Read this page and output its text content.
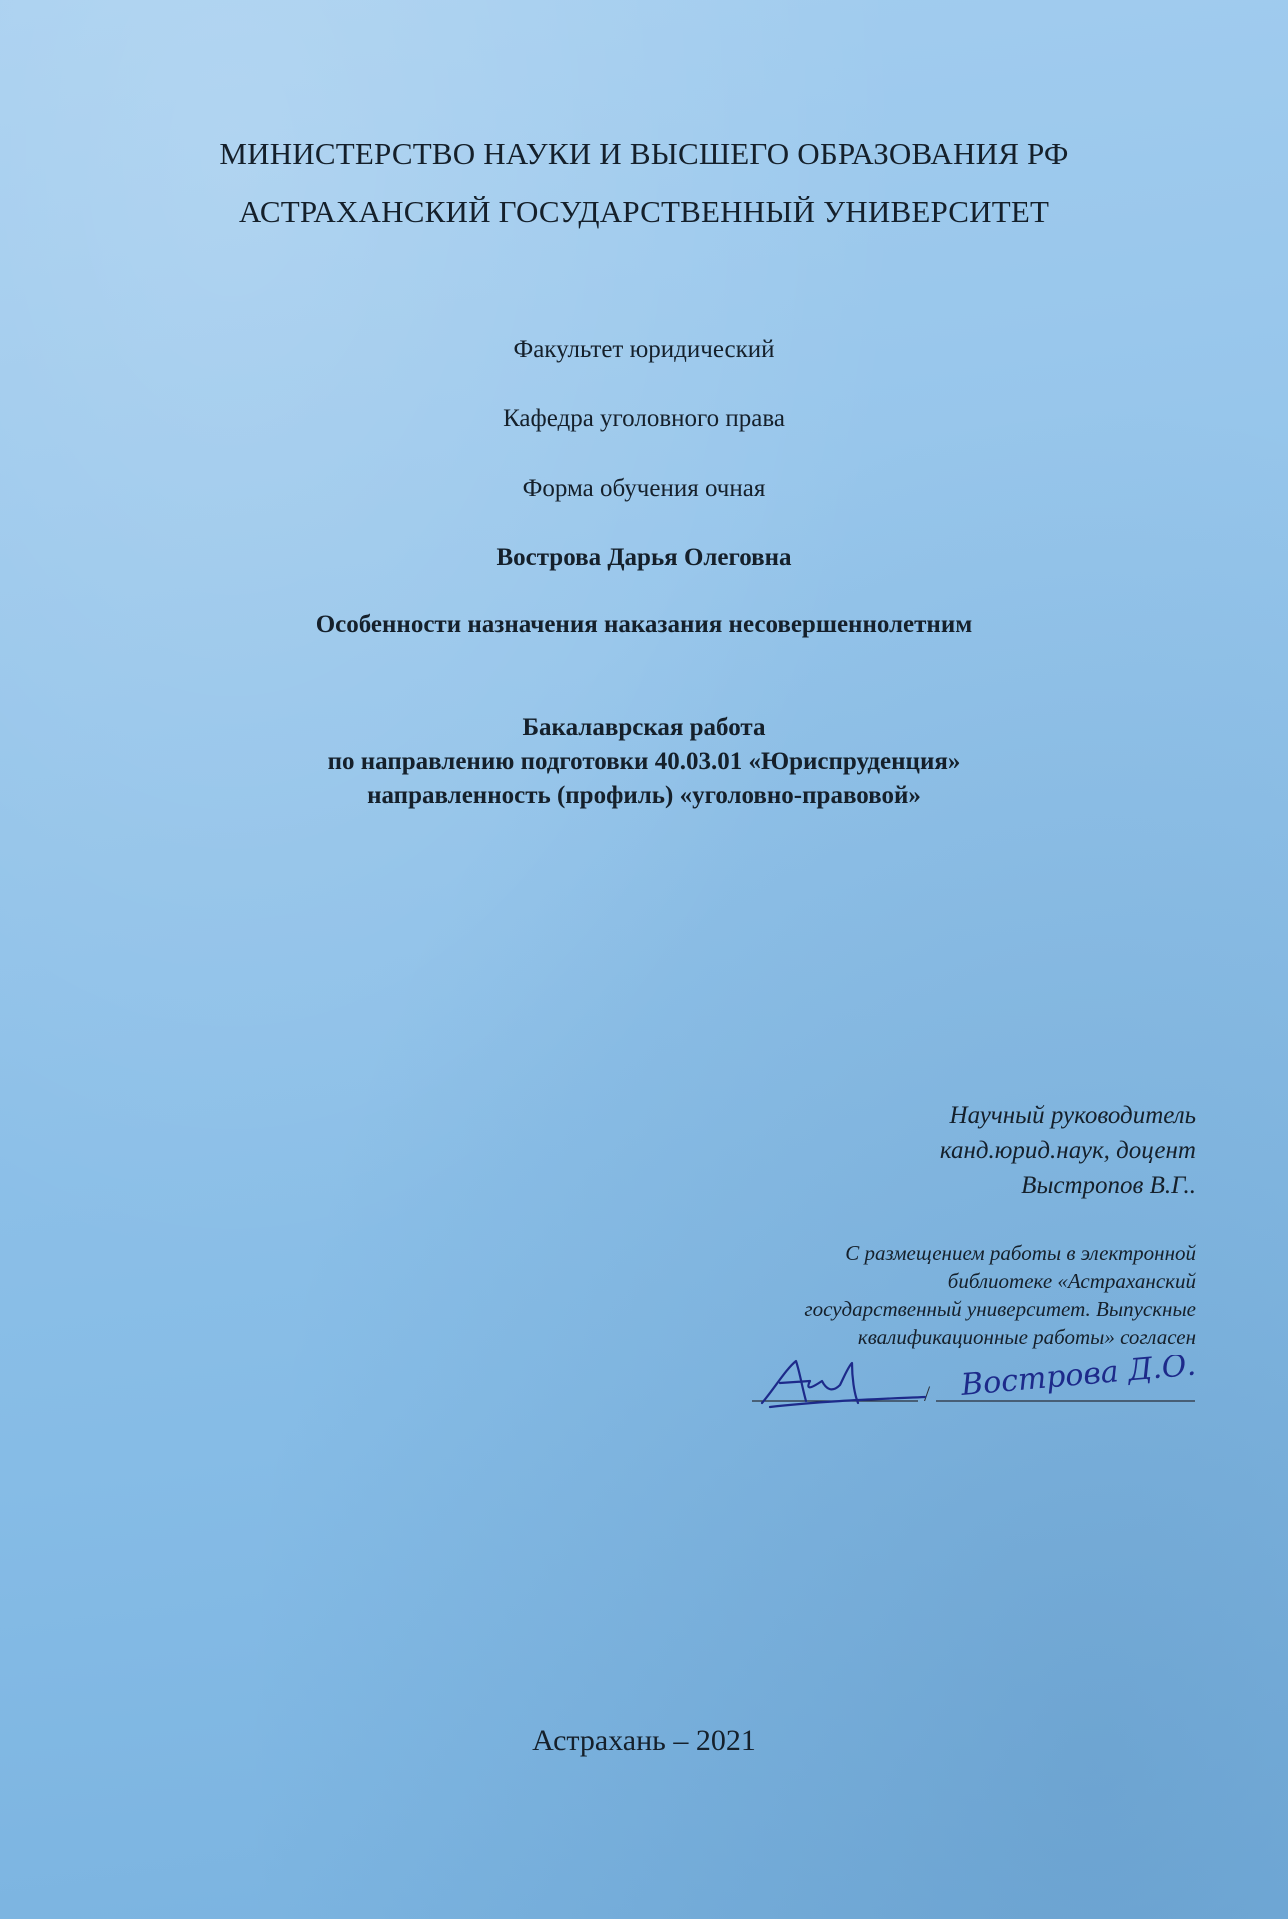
МИНИСТЕРСТВО НАУКИ И ВЫСШЕГО ОБРАЗОВАНИЯ РФ

АСТРАХАНСКИЙ ГОСУДАРСТВЕННЫЙ УНИВЕРСИТЕТ

Факультет юридический

Кафедра уголовного права

Форма обучения очная

Вострова Дарья Олеговна

Особенности назначения наказания несовершеннолетним

Бакалаврская работа

по направлению подготовки 40.03.01 «Юриспруденция»

направленность (профиль) «уголовно-правовой»

Научный руководитель
канд.юрид.наук, доцент
Выстропов В.Г..
С размещением работы в электронной
библиотеке «Астраханский
государственный университет. Выпускные
квалификационные работы» согласен
/ Вострова Д.О.

Астрахань – 2021
